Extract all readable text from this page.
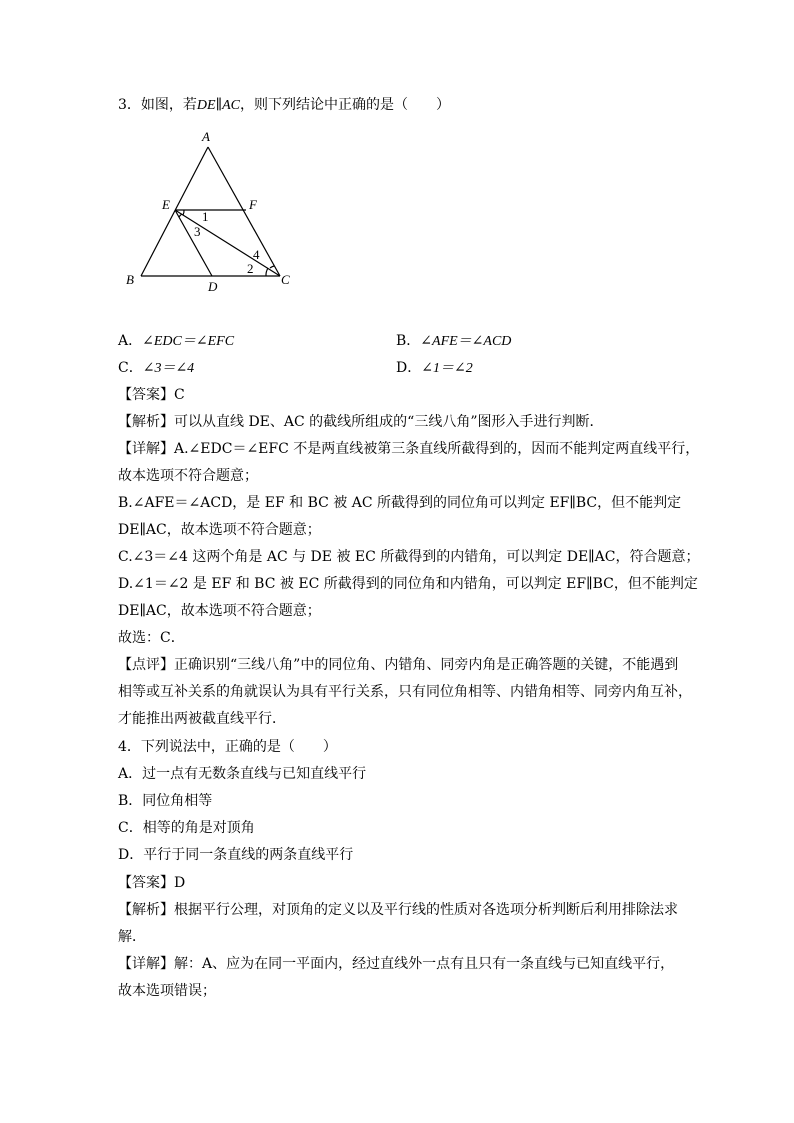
3．如图，若DE∥AC，则下列结论中正确的是（　　）
A
E	F
B	D	C
1
3
2
4
A．∠EDC＝∠EFC	B．∠AFE＝∠ACD
C．∠3＝∠4	D．∠1＝∠2
【答案】C
【解析】可以从直线 DE、AC 的截线所组成的“三线八角”图形入手进行判断．
【详解】A.∠EDC＝∠EFC 不是两直线被第三条直线所截得到的，因而不能判定两直线平行，
故本选项不符合题意；
B.∠AFE＝∠ACD，是 EF 和 BC 被 AC 所截得到的同位角可以判定 EF∥BC，但不能判定
DE∥AC，故本选项不符合题意；
C.∠3＝∠4 这两个角是 AC 与 DE 被 EC 所截得到的内错角，可以判定 DE∥AC，符合题意；
D.∠1＝∠2 是 EF 和 BC 被 EC 所截得到的同位角和内错角，可以判定 EF∥BC，但不能判定
DE∥AC，故本选项不符合题意；
故选：C．
【点评】正确识别“三线八角”中的同位角、内错角、同旁内角是正确答题的关键，不能遇到
相等或互补关系的角就误认为具有平行关系，只有同位角相等、内错角相等、同旁内角互补，
才能推出两被截直线平行．
4．下列说法中，正确的是（　　）
A．过一点有无数条直线与已知直线平行
B．同位角相等
C．相等的角是对顶角
D．平行于同一条直线的两条直线平行
【答案】D
【解析】根据平行公理，对顶角的定义以及平行线的性质对各选项分析判断后利用排除法求
解．
【详解】解：A、应为在同一平面内，经过直线外一点有且只有一条直线与已知直线平行，
故本选项错误；
